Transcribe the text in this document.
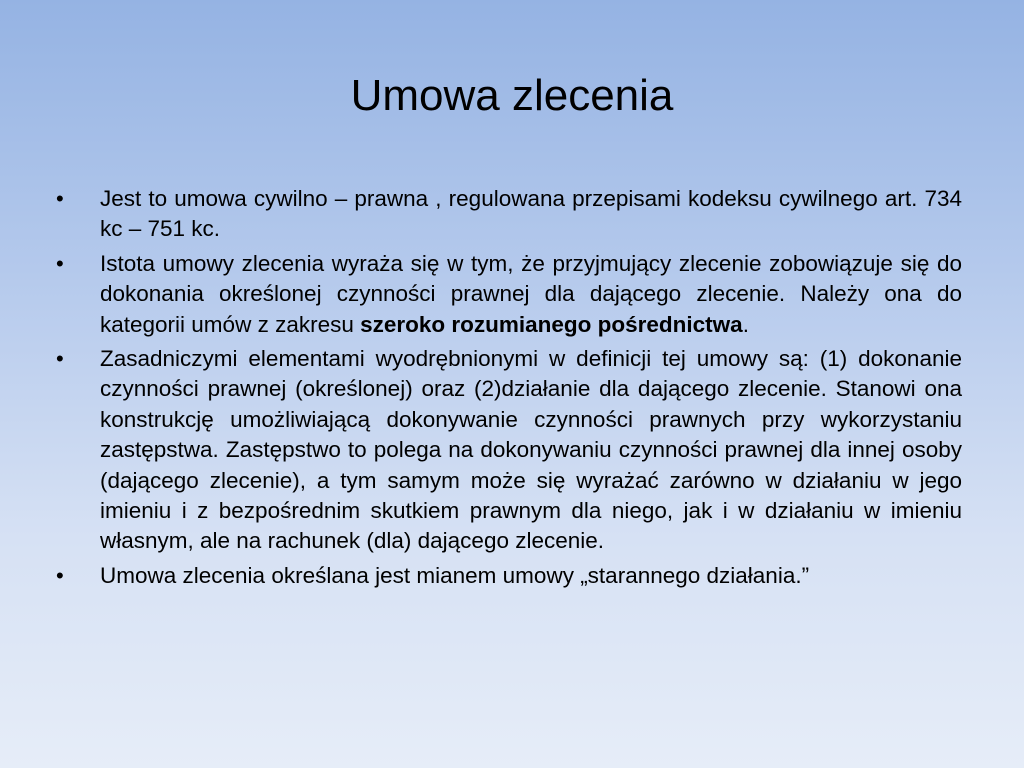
Umowa zlecenia
•	Jest to umowa cywilno – prawna , regulowana przepisami kodeksu cywilnego art. 734 kc – 751 kc.
•	Istota umowy zlecenia wyraża się w tym, że przyjmujący zlecenie zobowiązuje się do dokonania określonej czynności prawnej dla dającego zlecenie. Należy ona do kategorii umów z zakresu szeroko rozumianego pośrednictwa.
•	Zasadniczymi elementami wyodrębnionymi w definicji tej umowy są: (1) dokonanie czynności prawnej (określonej) oraz (2)działanie dla dającego zlecenie. Stanowi ona konstrukcję umożliwiającą dokonywanie czynności prawnych przy wykorzystaniu zastępstwa. Zastępstwo to polega na dokonywaniu czynności prawnej dla innej osoby (dającego zlecenie), a tym samym może się wyrażać zarówno w działaniu w jego imieniu i z bezpośrednim skutkiem prawnym dla niego, jak i w działaniu w imieniu własnym, ale na rachunek (dla) dającego zlecenie.
•	Umowa zlecenia określana jest mianem umowy „starannego działania.”
